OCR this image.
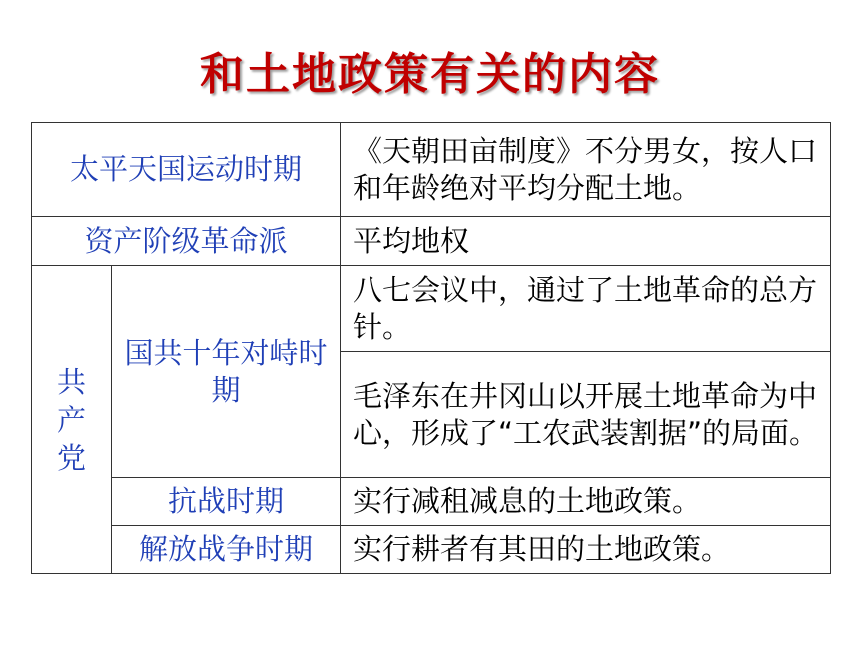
和土地政策有关的内容
太平天国运动时期		《天朝田亩制度》不分男女，按人口和年龄绝对平均分配土地。
资产阶级革命派		平均地权

共产党	国共十年对峙时期	八七会议中，通过了土地革命的总方针。
		毛泽东在井冈山以开展土地革命为中心，形成了“工农武装割据”的局面。
	抗战时期	实行减租减息的土地政策。
	解放战争时期	实行耕者有其田的土地政策。
